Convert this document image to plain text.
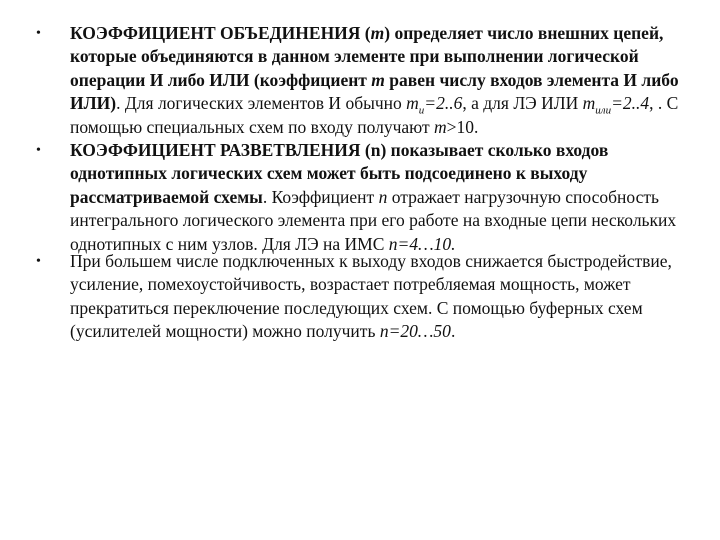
• КОЭФФИЦИЕНТ ОБЪЕДИНЕНИЯ (m) определяет число внешних цепей, которые объединяются в данном элементе при выполнении логической операции И либо ИЛИ (коэффициент m равен числу входов элемента И либо ИЛИ). Для логических элементов И обычно $m_и=2..6$, а для ЛЭ ИЛИ $m_{или}=2..4$, . С помощью специальных схем по входу получают m>10.
• КОЭФФИЦИЕНТ РАЗВЕТВЛЕНИЯ (n) показывает сколько входов однотипных логических схем может быть подсоединено к выходу рассматриваемой схемы. Коэффициент n отражает нагрузочную способность интегрального логического элемента при его работе на входные цепи нескольких однотипных с ним узлов. Для ЛЭ на ИМС n=4…10.
• При большем числе подключенных к выходу входов снижается быстродействие, усиление, помехоустойчивость, возрастает потребляемая мощность, может прекратиться переключение последующих схем. С помощью буферных схем (усилителей мощности) можно получить n=20…50.
